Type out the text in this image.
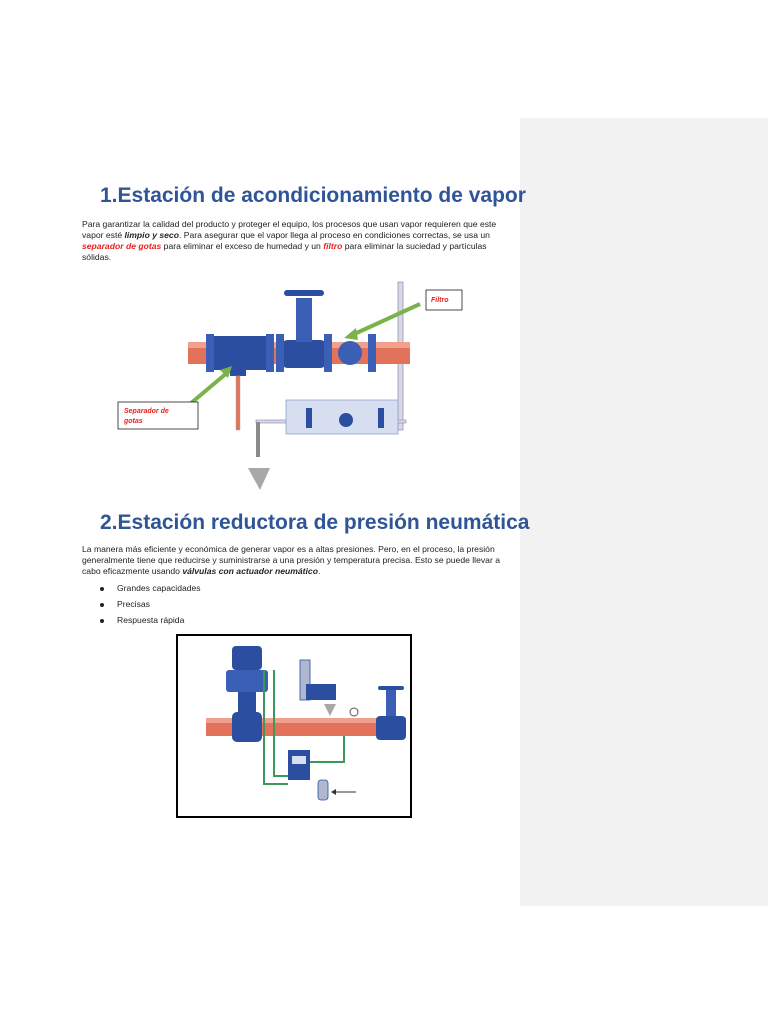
1.Estación de acondicionamiento de vapor

Para garantizar la calidad del producto y proteger el equipo, los procesos que usan vapor requieren que este vapor esté limpio y seco. Para asegurar que el vapor llega al proceso en condiciones correctas, se usa un separador de gotas para eliminar el exceso de humedad y un filtro para eliminar la suciedad y partículas sólidas.

Filtro
Separador de
gotas
2.Estación reductora de presión neumática

La manera más eficiente y económica de generar vapor es a altas presiones. Pero, en el proceso, la presión generalmente tiene que reducirse y suministrarse a una presión y temperatura precisa. Esto se puede llevar a cabo eficazmente usando válvulas con actuador neumático.

Grandes capacidades
Precisas
Respuesta rápida
